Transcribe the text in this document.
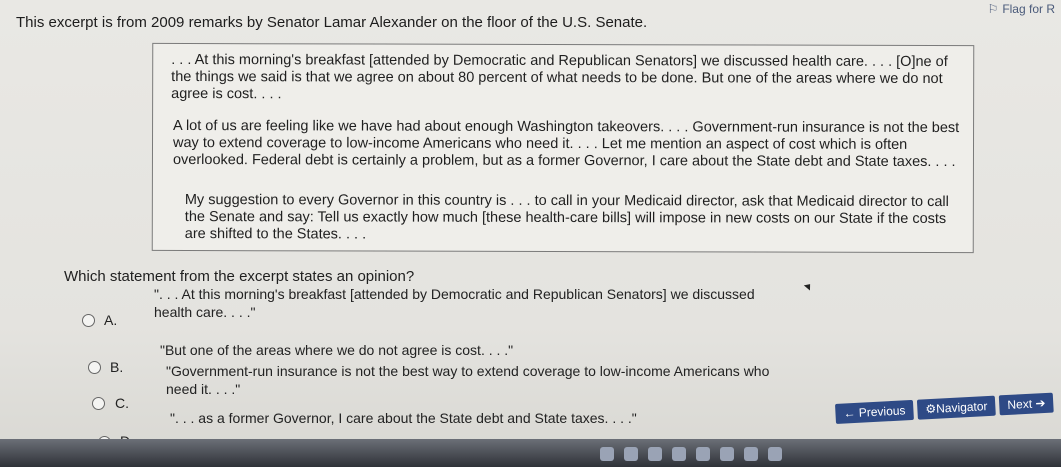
⚐ Flag for R
This excerpt is from 2009 remarks by Senator Lamar Alexander on the floor of the U.S. Senate.
. . . At this morning's breakfast [attended by Democratic and Republican Senators] we discussed health care. . . . [O]ne of the things we said is that we agree on about 80 percent of what needs to be done. But one of the areas where we do not agree is cost. . . .
A lot of us are feeling like we have had about enough Washington takeovers. . . . Government-run insurance is not the best way to extend coverage to low-income Americans who need it. . . . Let me mention an aspect of cost which is often overlooked. Federal debt is certainly a problem, but as a former Governor, I care about the State debt and State taxes. . . .
My suggestion to every Governor in this country is . . . to call in your Medicaid director, ask that Medicaid director to call the Senate and say: Tell us exactly how much [these health-care bills] will impose in new costs on our State if the costs are shifted to the States. . . .
Which statement from the excerpt states an opinion?
A.
". . . At this morning's breakfast [attended by Democratic and Republican Senators] we discussed health care. . . ."
B.
"But one of the areas where we do not agree is cost. . . ."
C.
"Government-run insurance is not the best way to extend coverage to low-income Americans who need it. . . ."
". . . as a former Governor, I care about the State debt and State taxes. . . ."	← Previous	⚙Navigator	Next ➔
